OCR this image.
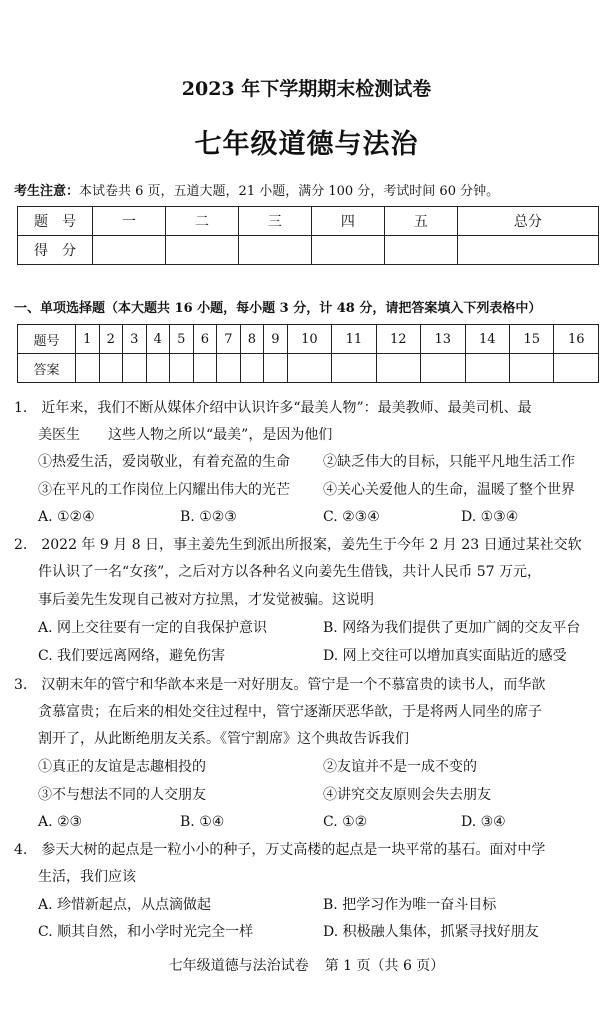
2023 年下学期期末检测试卷
七年级道德与法治
考生注意：本试卷共 6 页，五道大题，21 小题，满分 100 分，考试时间 60 分钟。
题　号	一	二	三	四	五	总分
得　分						
一、单项选择题（本大题共 16 小题，每小题 3 分，计 48 分，请把答案填入下列表格中）
题号	1	2	3	4	5	6	7	8	9	10	11	12	13	14	15	16
答案																
1.　近年来，我们不断从媒体介绍中认识许多“最美人物”：最美教师、最美司机、最
美医生　　这些人物之所以“最美”，是因为他们
①热爱生活，爱岗敬业，有着充盈的生命 ②缺乏伟大的目标，只能平凡地生活工作
③在平凡的工作岗位上闪耀出伟大的光芒 ④关心关爱他人的生命，温暖了整个世界
A. ①②④	B. ①②③	C. ②③④	D. ①③④
2.　2022 年 9 月 8 日，事主姜先生到派出所报案，姜先生于今年 2 月 23 日通过某社交软
件认识了一名“女孩”，之后对方以各种名义向姜先生借钱，共计人民币 57 万元，
事后姜先生发现自己被对方拉黑，才发觉被骗。这说明
A. 网上交往要有一定的自我保护意识	B. 网络为我们提供了更加广阔的交友平台
C. 我们要远离网络，避免伤害	D. 网上交往可以增加真实面貼近的感受
3.　汉朝末年的管宁和华歆本来是一对好朋友。管宁是一个不慕富贵的读书人，而华歆
贪慕富贵；在后来的相处交往过程中，管宁逐渐厌恶华歆，于是将两人同坐的席子
割开了，从此断绝朋友关系。《管宁割席》这个典故告诉我们
①真正的友谊是志趣相投的	②友谊并不是一成不变的
③不与想法不同的人交朋友	④讲究交友原则会失去朋友
A. ②③	B. ①④	C. ①②	D. ③④
4.　参天大树的起点是一粒小小的种子，万丈高楼的起点是一块平常的基石。面对中学
生活，我们应该
A. 珍惜新起点，从点滴做起	B. 把学习作为唯一奋斗目标
C. 顺其自然，和小学时光完全一样	D. 积极融人集体，抓紧寻找好朋友
七年级道德与法治试卷 第 1 页（共 6 页）
